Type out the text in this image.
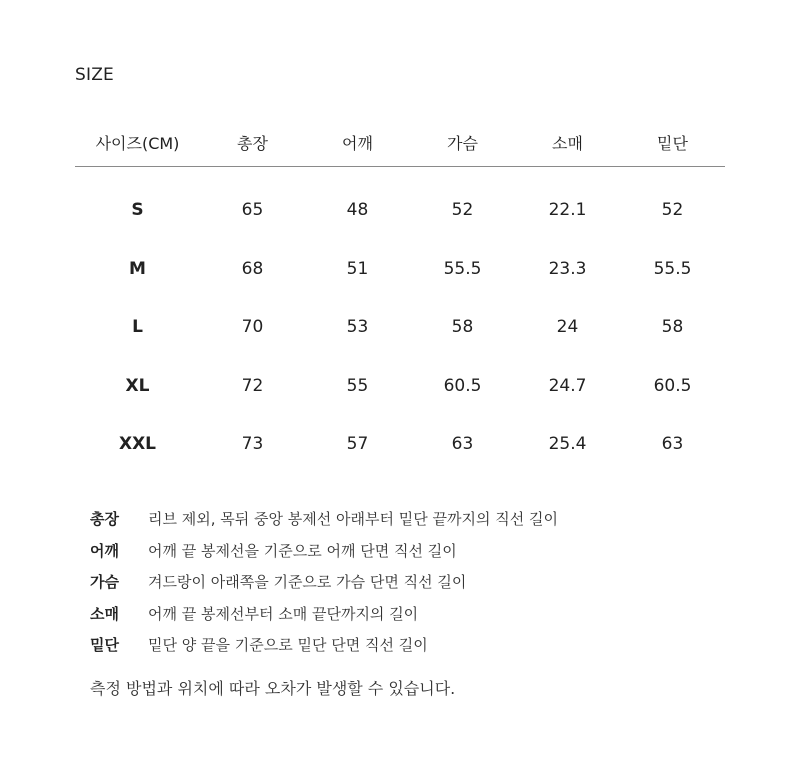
SIZE
사이즈(CM)	총장	어깨	가슴	소매	밑단
S	65	48	52	22.1	52
M	68	51	55.5	23.3	55.5
L	70	53	58	24	58
XL	72	55	60.5	24.7	60.5
XXL	73	57	63	25.4	63
총장	리브 제외, 목뒤 중앙 봉제선 아래부터 밑단 끝까지의 직선 길이
어깨	어깨 끝 봉제선을 기준으로 어깨 단면 직선 길이
가슴	겨드랑이 아래쪽을 기준으로 가슴 단면 직선 길이
소매	어깨 끝 봉제선부터 소매 끝단까지의 길이
밑단	밑단 양 끝을 기준으로 밑단 단면 직선 길이
측정 방법과 위치에 따라 오차가 발생할 수 있습니다.
